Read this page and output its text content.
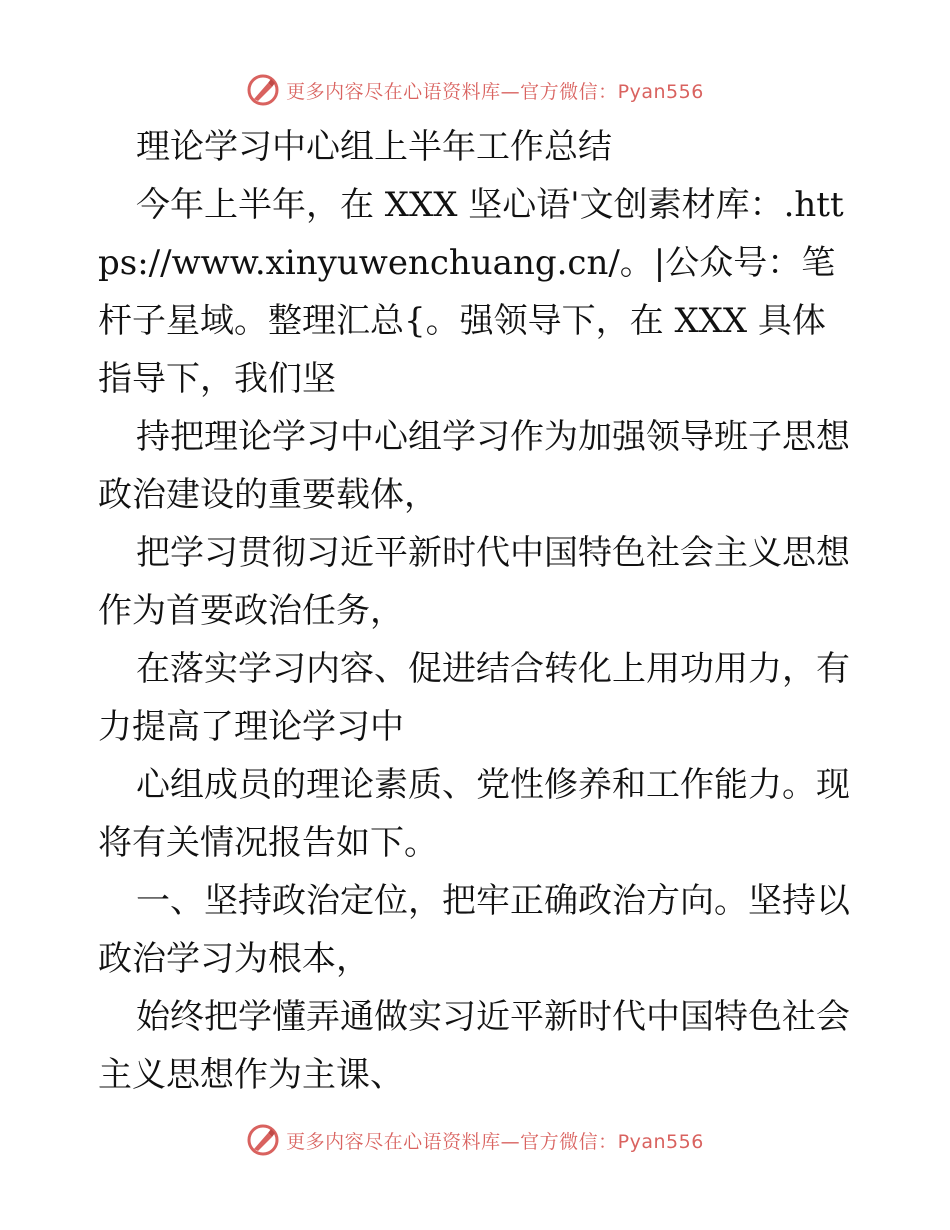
更多内容尽在心语资料库—官方微信：Pyan556

理论学习中心组上半年工作总结

今年上半年，在 XXX 坚心语'文创素材库：.https://www.xinyuwenchuang.cn/。|公众号：笔杆子星域。整理汇总{。强领导下，在 XXX 具体指导下，我们坚

持把理论学习中心组学习作为加强领导班子思想政治建设的重要载体，

把学习贯彻习近平新时代中国特色社会主义思想作为首要政治任务，

在落实学习内容、促进结合转化上用功用力，有力提高了理论学习中

心组成员的理论素质、党性修养和工作能力。现将有关情况报告如下。

一、坚持政治定位，把牢正确政治方向。坚持以政治学习为根本，

始终把学懂弄通做实习近平新时代中国特色社会主义思想作为主课、

更多内容尽在心语资料库—官方微信：Pyan556
